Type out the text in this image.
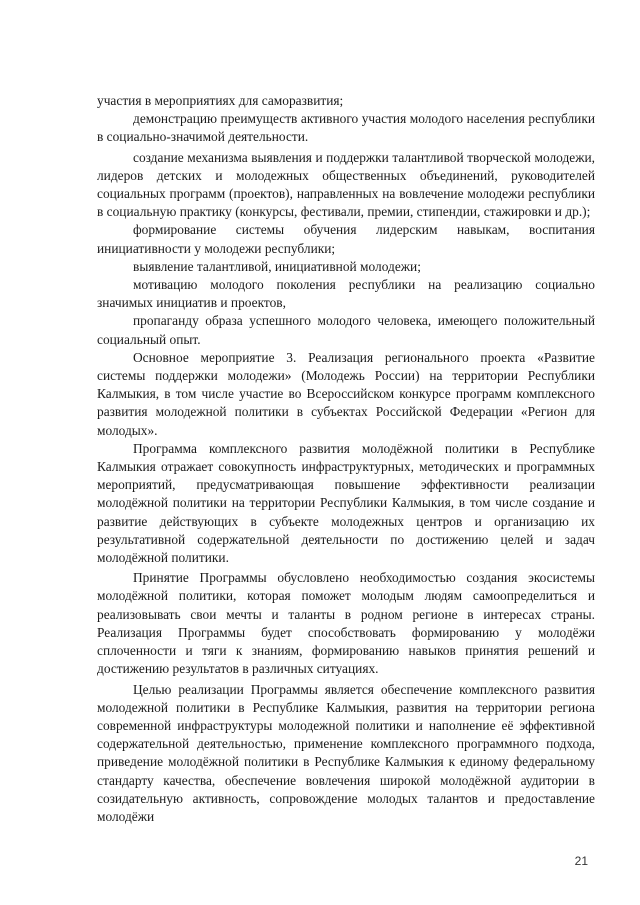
участия в мероприятиях для саморазвития;

демонстрацию преимуществ активного участия молодого населения республики в социально-значимой деятельности.

создание механизма выявления и поддержки талантливой творческой молодежи, лидеров детских и молодежных общественных объединений, руководителей социальных программ (проектов), направленных на вовлечение молодежи республики в социальную практику (конкурсы, фестивали, премии, стипендии, стажировки и др.);

формирование системы обучения лидерским навыкам, воспитания инициативности у молодежи республики;

выявление талантливой, инициативной молодежи;

мотивацию молодого поколения республики на реализацию социально значимых инициатив и проектов,

пропаганду образа успешного молодого человека, имеющего положительный социальный опыт.

Основное мероприятие 3. Реализация регионального проекта «Развитие системы поддержки молодежи» (Молодежь России) на территории Республики Калмыкия, в том числе участие во Всероссийском конкурсе программ комплексного развития молодежной политики в субъектах Российской Федерации «Регион для молодых».

Программа комплексного развития молодёжной политики в Республике Калмыкия отражает совокупность инфраструктурных, методических и программных мероприятий, предусматривающая повышение эффективности реализации молодёжной политики на территории Республики Калмыкия, в том числе создание и развитие действующих в субъекте молодежных центров и организацию их результативной содержательной деятельности по достижению целей и задач молодёжной политики.

Принятие Программы обусловлено необходимостью создания экосистемы молодёжной политики, которая поможет молодым людям самоопределиться и реализовывать свои мечты и таланты в родном регионе в интересах страны. Реализация Программы будет способствовать формированию у молодёжи сплоченности и тяги к знаниям, формированию навыков принятия решений и достижению результатов в различных ситуациях.

Целью реализации Программы является обеспечение комплексного развития молодежной политики в Республике Калмыкия, развития на территории региона современной инфраструктуры молодежной политики и наполнение её эффективной содержательной деятельностью, применение комплексного программного подхода, приведение молодёжной политики в Республике Калмыкия к единому федеральному стандарту качества, обеспечение вовлечения широкой молодёжной аудитории в созидательную активность, сопровождение молодых талантов и предоставление молодёжи

21
